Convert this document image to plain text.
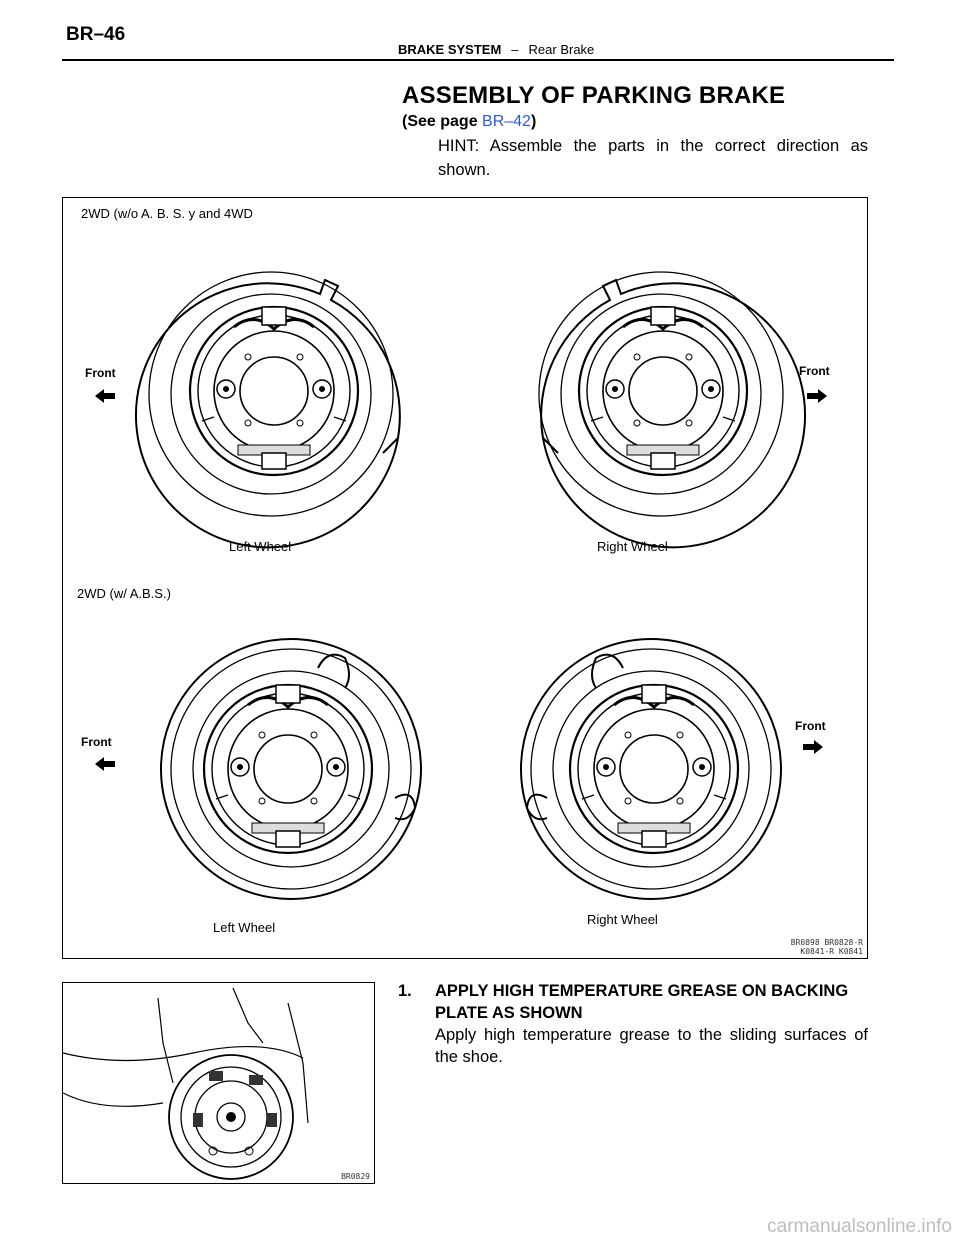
BR–46
BRAKE SYSTEM – Rear Brake
ASSEMBLY OF PARKING BRAKE
(See page BR–42)
HINT: Assemble the parts in the correct direction as shown.
2WD (w/o A. B. S. y and 4WD
2WD (w/ A.B.S.)
Left Wheel	Right Wheel
Left Wheel
Right Wheel
Front	Front
Front
Front
BR0898 BR0828-R
K0841-R K0841
BR0829
1. APPLY HIGH TEMPERATURE GREASE ON BACKING PLATE AS SHOWN
Apply high temperature grease to the sliding surfaces of the shoe.
carmanualsonline.info
